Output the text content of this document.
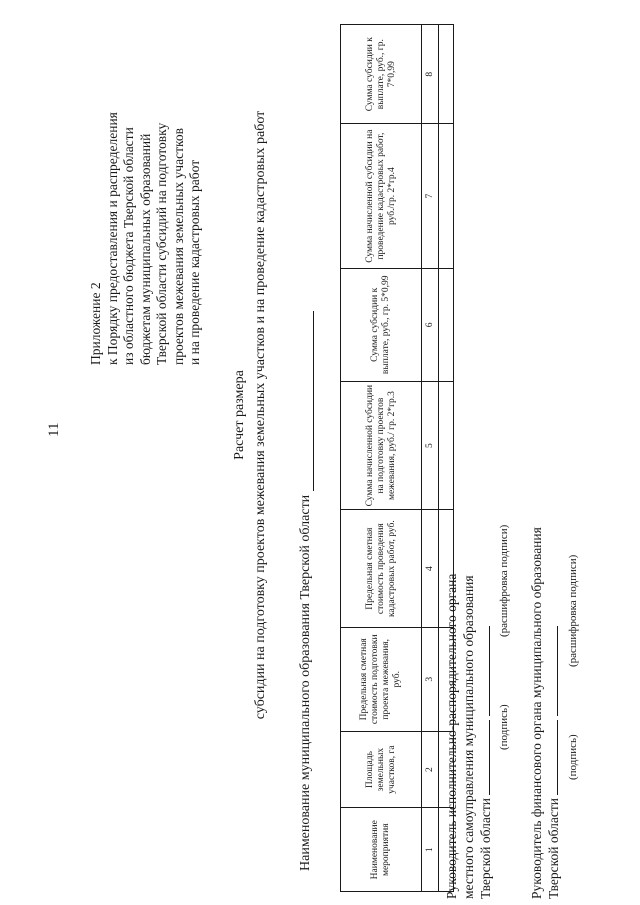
11
Приложение 2 к Порядку предоставления и распределения из областного бюджета Тверской области бюджетам муниципальных образований Тверской области субсидий на подготовку проектов межевания земельных участков и на проведение кадастровых работ
Расчет размера субсидии на подготовку проектов межевания земельных участков и на проведение кадастровых работ Наименование муниципального образования Тверской области	Наименование мероприятия	Площадь земельных участков, га	Предельная сметная стоимость подготовки проекта межевания, руб.	Предельная сметная стоимость проведения кадастровых работ, руб.	Сумма начисленной субсидии на подготовку проектов межевания, руб./ гр. 2*гр.3	Сумма субсидии к выплате, руб., гр. 5*0,99	Сумма начисленной субсидии на проведение кадастровых работ, руб./гр. 2*гр.4	Сумма субсидии к выплате, руб., гр. 7*0,99
1	2	3	4	5	6	7	8

Руководитель исполнительно-распорядительного органа местного самоуправления муниципального образования Тверской области
(подпись)
(расшифровка подписи) Руководитель финансового органа муниципального образования Тверской области
(подпись)
(расшифровка подписи)
